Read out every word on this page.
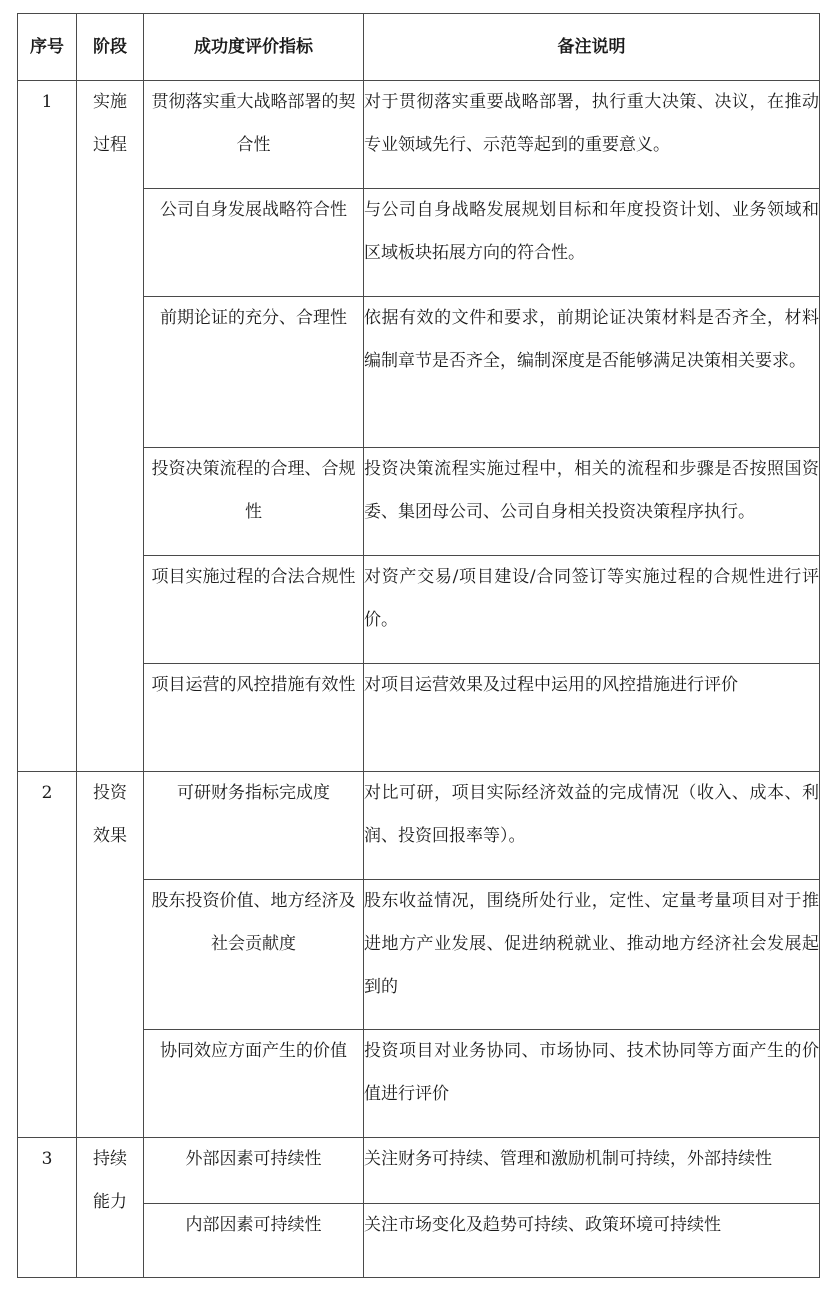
序号	阶段	成功度评价指标	备注说明
1	实施过程	贯彻落实重大战略部署的契合性	对于贯彻落实重要战略部署，执行重大决策、决议，在推动专业领域先行、示范等起到的重要意义。

		公司自身发展战略符合性	与公司自身战略发展规划目标和年度投资计划、业务领域和区域板块拓展方向的符合性。

		前期论证的充分、合理性	依据有效的文件和要求，前期论证决策材料是否齐全，材料编制章节是否齐全，编制深度是否能够满足决策相关要求。

		投资决策流程的合理、合规性	投资决策流程实施过程中，相关的流程和步骤是否按照国资委、集团母公司、公司自身相关投资决策程序执行。

		项目实施过程的合法合规性	对资产交易/项目建设/合同签订等实施过程的合规性进行评价。

		项目运营的风控措施有效性	对项目运营效果及过程中运用的风控措施进行评价

2	投资效果	可研财务指标完成度	对比可研，项目实际经济效益的完成情况（收入、成本、利润、投资回报率等）。

		股东投资价值、地方经济及社会贡献度	股东收益情况，围绕所处行业，定性、定量考量项目对于推进地方产业发展、促进纳税就业、推动地方经济社会发展起到的

		协同效应方面产生的价值	投资项目对业务协同、市场协同、技术协同等方面产生的价值进行评价

3	持续能力	外部因素可持续性	关注财务可持续、管理和激励机制可持续，外部持续性

		内部因素可持续性	关注市场变化及趋势可持续、政策环境可持续性
